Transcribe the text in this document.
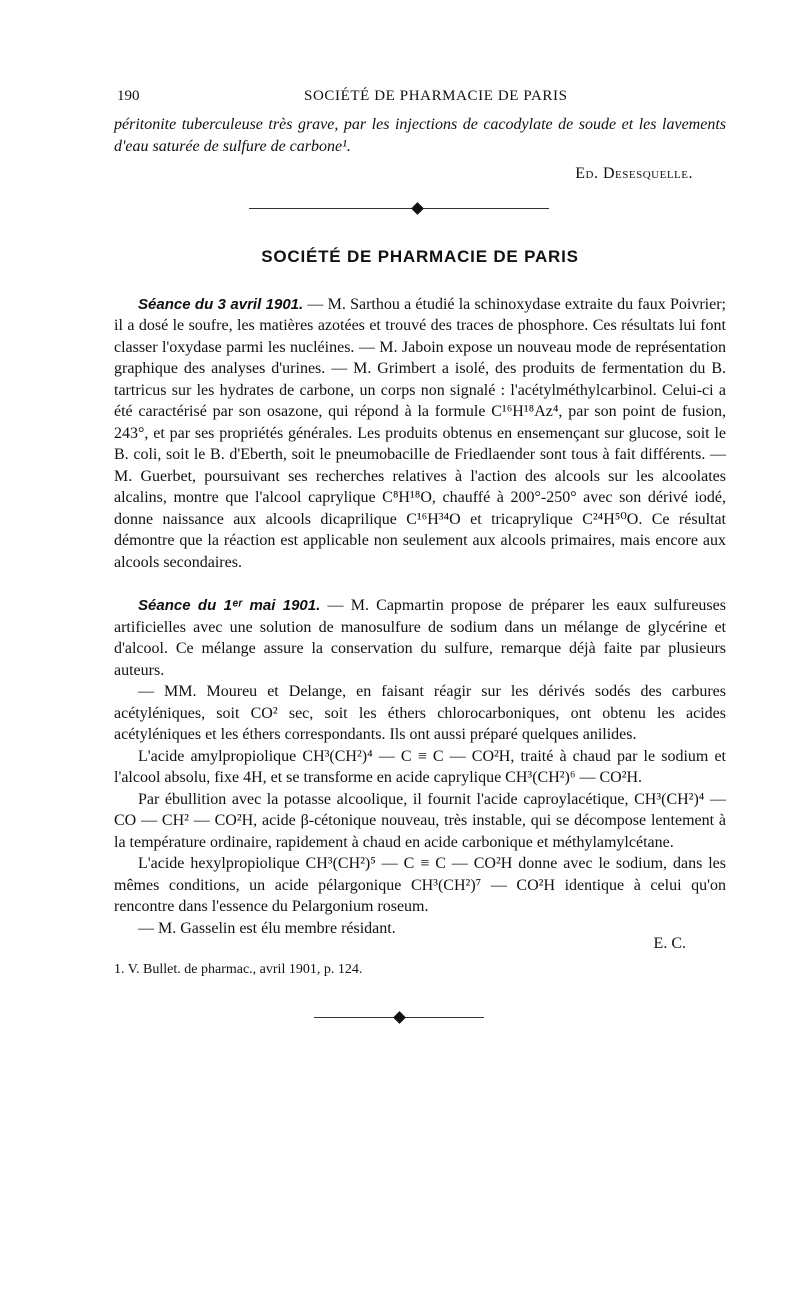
190	SOCIÉTÉ DE PHARMACIE DE PARIS

péritonite tuberculeuse très grave, par les injections de cacodylate de soude et les lavements d'eau saturée de sulfure de carbone¹.

Ed. Desesquelle.

SOCIÉTÉ DE PHARMACIE DE PARIS

Séance du 3 avril 1901. — M. Sarthou a étudié la schinoxydase extraite du faux Poivrier; il a dosé le soufre, les matières azotées et trouvé des traces de phosphore. Ces résultats lui font classer l'oxydase parmi les nucléines. — M. Jaboin expose un nouveau mode de représentation graphique des analyses d'urines. — M. Grimbert a isolé, des produits de fermentation du B. tartricus sur les hydrates de carbone, un corps non signalé : l'acétylméthylcarbinol. Celui-ci a été caractérisé par son osazone, qui répond à la formule C¹⁶H¹⁸Az⁴, par son point de fusion, 243°, et par ses propriétés générales. Les produits obtenus en ensemençant sur glucose, soit le B. coli, soit le B. d'Eberth, soit le pneumobacille de Friedlaender sont tous à fait différents. — M. Guerbet, poursuivant ses recherches relatives à l'action des alcools sur les alcoolates alcalins, montre que l'alcool caprylique C⁸H¹⁸O, chauffé à 200°-250° avec son dérivé iodé, donne naissance aux alcools dicaprilique C¹⁶H³⁴O et tricaprylique C²⁴H⁵⁰O. Ce résultat démontre que la réaction est applicable non seulement aux alcools primaires, mais encore aux alcools secondaires.

Séance du 1ᵉʳ mai 1901. — M. Capmartin propose de préparer les eaux sulfureuses artificielles avec une solution de manosulfure de sodium dans un mélange de glycérine et d'alcool. Ce mélange assure la conservation du sulfure, remarque déjà faite par plusieurs auteurs.

— MM. Moureu et Delange, en faisant réagir sur les dérivés sodés des carbures acétyléniques, soit CO² sec, soit les éthers chlorocarboniques, ont obtenu les acides acétyléniques et les éthers correspondants. Ils ont aussi préparé quelques anilides.

L'acide amylpropiolique CH³(CH²)⁴ — C ≡ C — CO²H, traité à chaud par le sodium et l'alcool absolu, fixe 4H, et se transforme en acide caprylique CH³(CH²)⁶ — CO²H.

Par ébullition avec la potasse alcoolique, il fournit l'acide caproylacétique, CH³(CH²)⁴ — CO — CH² — CO²H, acide β-cétonique nouveau, très instable, qui se décompose lentement à la température ordinaire, rapidement à chaud en acide carbonique et méthylamylcétane.

L'acide hexylpropiolique CH³(CH²)⁵ — C ≡ C — CO²H donne avec le sodium, dans les mêmes conditions, un acide pélargonique CH³(CH²)⁷ — CO²H identique à celui qu'on rencontre dans l'essence du Pelargonium roseum.

— M. Gasselin est élu membre résidant.

E. C.

1. V. Bullet. de pharmac., avril 1901, p. 124.
